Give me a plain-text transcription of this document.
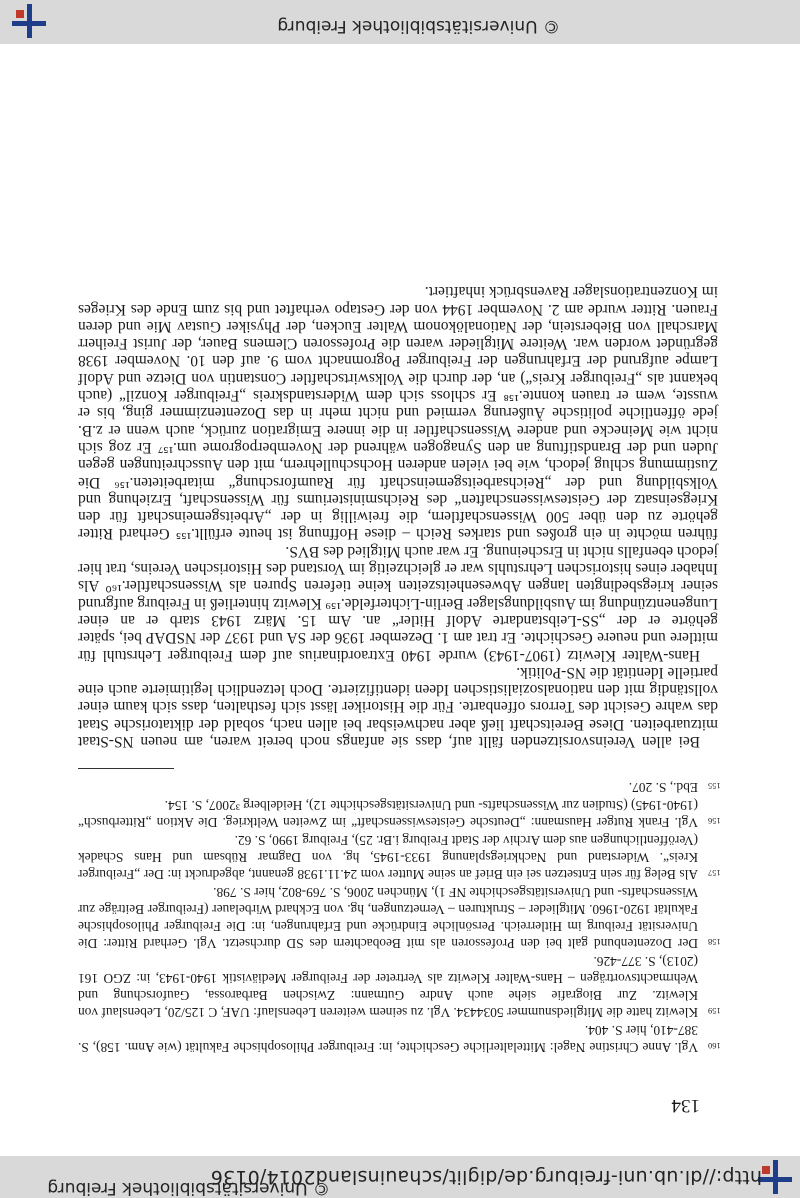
http://dl.ub.uni-freiburg.de/diglit/schauinsland2014/0136
© Universitätsbibliothek Freiburg
134
160
Vgl. Anne Christine Nagel: Mittelalterliche Geschichte, in: Freiburger Philosophische Fakultät (wie Anm. 158), S. 387-410, hier S. 404.
159
Klewitz hatte die Mitgliedsnummer 5034434. Vgl. zu seinem weiteren Lebenslauf: UAF, C 125/20, Lebenslauf von Klewitz. Zur Biografie siehe auch Andre Gutmann: Zwischen Barbarossa, Gauforschung und Wehrmachtsvorträgen – Hans-Walter Klewitz als Vertreter der Freiburger Mediävistik 1940-1943, in: ZGO 161 (2013), S. 377-426.
158
Der Dozentenbund galt bei den Professoren als mit Beobachtern des SD durchsetzt. Vgl. Gerhard Ritter: Die Universität Freiburg im Hitlerreich. Persönliche Eindrücke und Erfahrungen, in: Die Freiburger Philosophische Fakultät 1920-1960. Mitglieder – Strukturen – Vernetzungen, hg. von Eckhard Wirbelauer (Freiburger Beiträge zur Wissenschafts- und Universitätsgeschichte NF 1), München 2006, S. 769-802, hier S. 798.
157
Als Beleg für sein Entsetzen sei ein Brief an seine Mutter vom 24.11.1938 genannt, abgedruckt in: Der „Freiburger Kreis“. Widerstand und Nachkriegsplanung 1933-1945, hg. von Dagmar Rübsam und Hans Schadek (Veröffentlichungen aus dem Archiv der Stadt Freiburg i.Br. 25), Freiburg 1990, S. 62.
156
Vgl. Frank Rutger Hausmann: „Deutsche Geisteswissenschaft“ im Zweiten Weltkrieg. Die Aktion „Ritterbusch“ (1940-1945) (Studien zur Wissenschafts- und Universitätsgeschichte 12), Heidelberg ³2007, S. 154.
155
Ebd., S. 207.

Bei allen Vereinsvorsitzenden fällt auf, dass sie anfangs noch bereit waren, am neuen NS-Staat mitzuarbeiten. Diese Bereitschaft ließ aber nachweisbar bei allen nach, sobald der diktatorische Staat das wahre Gesicht des Terrors offenbarte. Für die Historiker lässt sich festhalten, dass sich kaum einer vollständig mit den nationalsozialistischen Ideen identifizierte. Doch letzendlich legitimierte auch eine partielle Identität die NS-Politik.

Hans-Walter Klewitz (1907-1943) wurde 1940 Extraordinarius auf dem Freiburger Lehrstuhl für mittlere und neuere Geschichte. Er trat am 1. Dezember 1936 der SA und 1937 der NSDAP bei, später gehörte er der „SS-Leibstandarte Adolf Hitler“ an. Am 15. März 1943 starb er an einer Lungenentzündung im Ausbildungslager Berlin-Lichterfelde.¹⁵⁹ Klewitz hinterließ in Freiburg aufgrund seiner kriegsbedingten langen Abwesenheitszeiten keine tieferen Spuren als Wissenschaftler.¹⁶⁰ Als Inhaber eines historischen Lehrstuhls war er gleichzeitig im Vorstand des Historischen Vereins, trat hier jedoch ebenfalls nicht in Erscheinung. Er war auch Mitglied des BVS.

führen möchte in ein großes und starkes Reich – diese Hoffnung ist heute erfüllt.¹⁵⁵ Gerhard Ritter gehörte zu den über 500 Wissenschaftlern, die freiwillig in der „Arbeitsgemeinschaft für den Kriegseinsatz der Geisteswissenschaften“ des Reichsministeriums für Wissenschaft, Erziehung und Volksbildung und der „Reichsarbeitsgemeinschaft für Raumforschung“ mitarbeiteten.¹⁵⁶ Die Zustimmung schlug jedoch, wie bei vielen anderen Hochschullehrern, mit den Ausschreitungen gegen Juden und der Brandstiftung an den Synagogen während der Novemberpogrome um.¹⁵⁷ Er zog sich nicht wie Meinecke und andere Wissenschaftler in die innere Emigration zurück, auch wenn er z.B. jede öffentliche politische Äußerung vermied und nicht mehr in das Dozentenzimmer ging, bis er wusste, wem er trauen konnte.¹⁵⁸ Er schloss sich dem Widerstandskreis „Freiburger Konzil“ (auch bekannt als „Freiburger Kreis“) an, der durch die Volkswirtschaftler Constantin von Dietze und Adolf Lampe aufgrund der Erfahrungen der Freiburger Pogromnacht vom 9. auf den 10. November 1938 gegründet worden war. Weitere Mitglieder waren die Professoren Clemens Bauer, der Jurist Freiherr Marschall von Bieberstein, der Nationalökonom Walter Eucken, der Physiker Gustav Mie und deren Frauen. Ritter wurde am 2. November 1944 von der Gestapo verhaftet und bis zum Ende des Krieges im Konzentrationslager Ravensbrück inhaftiert.

© Universitätsbibliothek Freiburg
